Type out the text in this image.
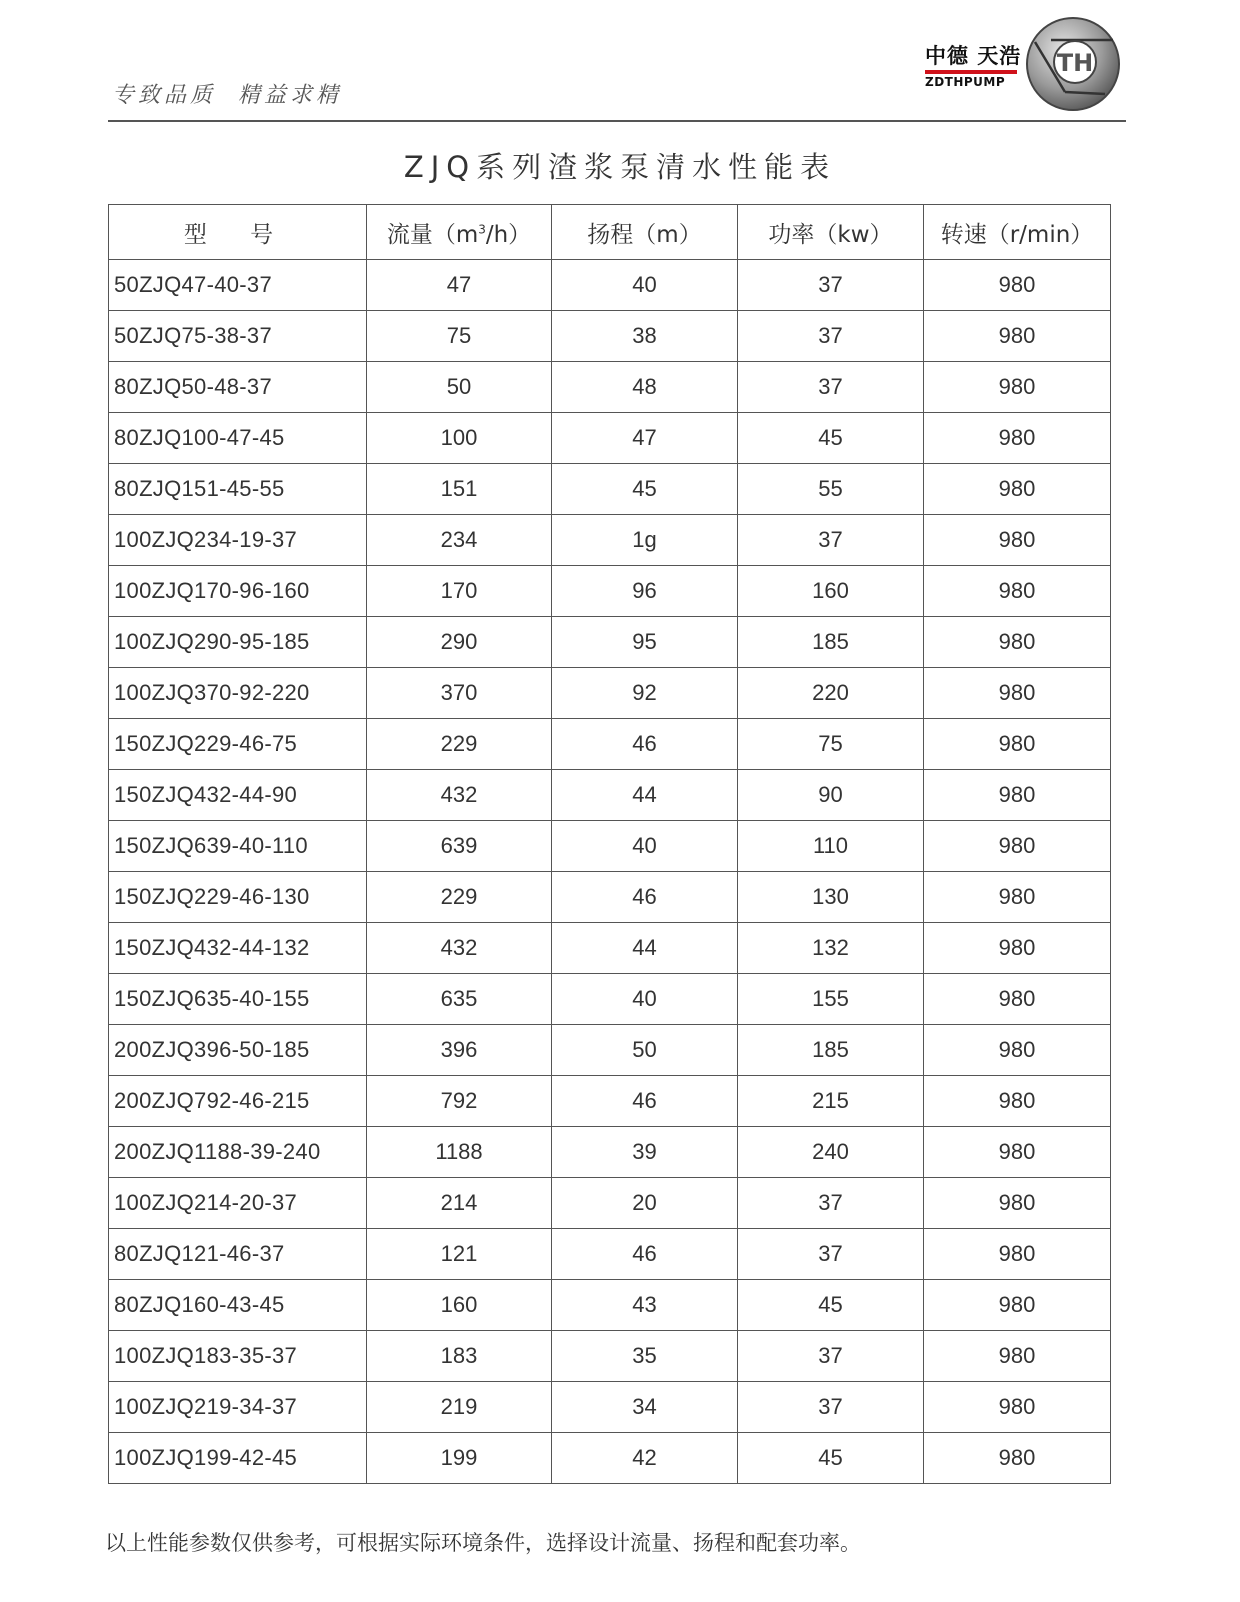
专致品质 精益求精
中德 天浩
ZDTHPUMP
TH
ZJQ系列渣浆泵清水性能表
型 号	流量$(m^3/h)$	扬程（m）	功率（kw）	转速（r/min）
50ZJQ47-40-37	47	40	37	980
50ZJQ75-38-37	75	38	37	980
80ZJQ50-48-37	50	48	37	980
80ZJQ100-47-45	100	47	45	980
80ZJQ151-45-55	151	45	55	980
100ZJQ234-19-37	234	1g	37	980
100ZJQ170-96-160	170	96	160	980
100ZJQ290-95-185	290	95	185	980
100ZJQ370-92-220	370	92	220	980
150ZJQ229-46-75	229	46	75	980
150ZJQ432-44-90	432	44	90	980
150ZJQ639-40-110	639	40	110	980
150ZJQ229-46-130	229	46	130	980
150ZJQ432-44-132	432	44	132	980
150ZJQ635-40-155	635	40	155	980
200ZJQ396-50-185	396	50	185	980
200ZJQ792-46-215	792	46	215	980
200ZJQ1188-39-240	1188	39	240	980
100ZJQ214-20-37	214	20	37	980
80ZJQ121-46-37	121	46	37	980
80ZJQ160-43-45	160	43	45	980
100ZJQ183-35-37	183	35	37	980
100ZJQ219-34-37	219	34	37	980
100ZJQ199-42-45	199	42	45	980
以上性能参数仅供参考，可根据实际环境条件，选择设计流量、扬程和配套功率。
